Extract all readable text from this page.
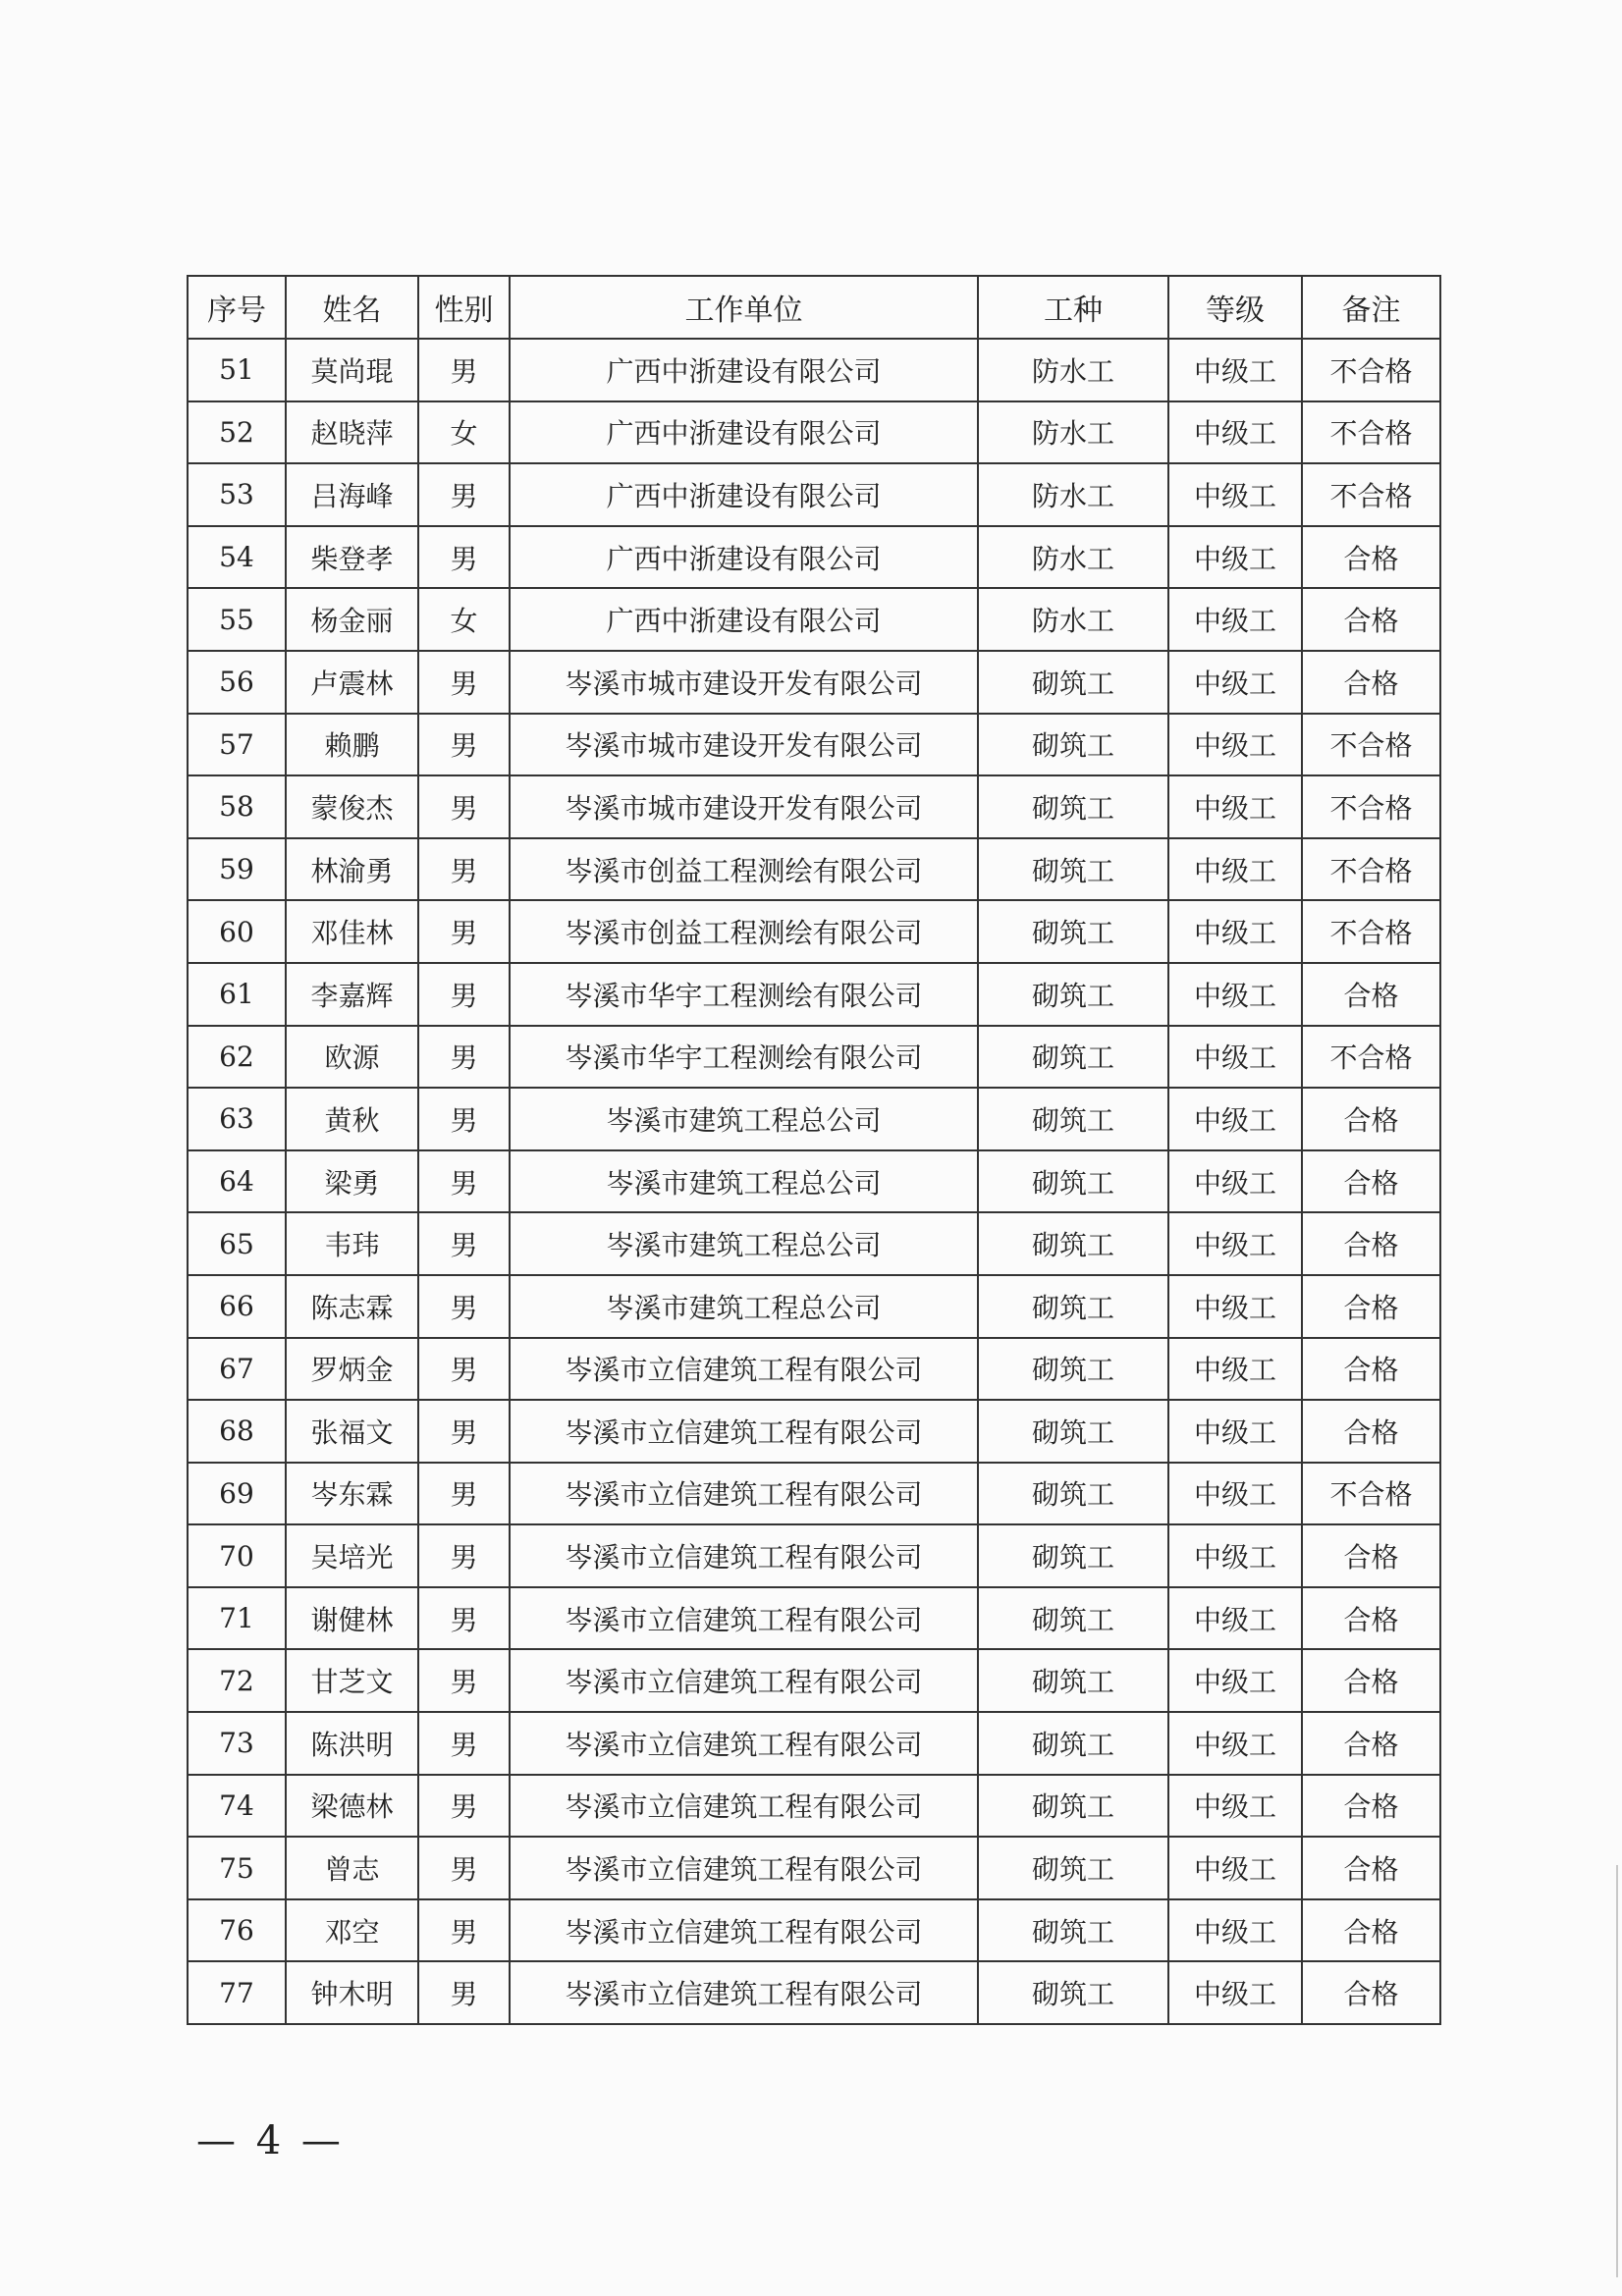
序号	姓名	性别	工作单位	工种	等级	备注
51	莫尚琨	男	广西中浙建设有限公司	防水工	中级工	不合格
52	赵晓萍	女	广西中浙建设有限公司	防水工	中级工	不合格
53	吕海峰	男	广西中浙建设有限公司	防水工	中级工	不合格
54	柴登孝	男	广西中浙建设有限公司	防水工	中级工	合格
55	杨金丽	女	广西中浙建设有限公司	防水工	中级工	合格
56	卢震林	男	岑溪市城市建设开发有限公司	砌筑工	中级工	合格
57	赖鹏	男	岑溪市城市建设开发有限公司	砌筑工	中级工	不合格
58	蒙俊杰	男	岑溪市城市建设开发有限公司	砌筑工	中级工	不合格
59	林渝勇	男	岑溪市创益工程测绘有限公司	砌筑工	中级工	不合格
60	邓佳林	男	岑溪市创益工程测绘有限公司	砌筑工	中级工	不合格
61	李嘉辉	男	岑溪市华宇工程测绘有限公司	砌筑工	中级工	合格
62	欧源	男	岑溪市华宇工程测绘有限公司	砌筑工	中级工	不合格
63	黄秋	男	岑溪市建筑工程总公司	砌筑工	中级工	合格
64	梁勇	男	岑溪市建筑工程总公司	砌筑工	中级工	合格
65	韦玮	男	岑溪市建筑工程总公司	砌筑工	中级工	合格
66	陈志霖	男	岑溪市建筑工程总公司	砌筑工	中级工	合格
67	罗炳金	男	岑溪市立信建筑工程有限公司	砌筑工	中级工	合格
68	张福文	男	岑溪市立信建筑工程有限公司	砌筑工	中级工	合格
69	岑东霖	男	岑溪市立信建筑工程有限公司	砌筑工	中级工	不合格
70	吴培光	男	岑溪市立信建筑工程有限公司	砌筑工	中级工	合格
71	谢健林	男	岑溪市立信建筑工程有限公司	砌筑工	中级工	合格
72	甘芝文	男	岑溪市立信建筑工程有限公司	砌筑工	中级工	合格
73	陈洪明	男	岑溪市立信建筑工程有限公司	砌筑工	中级工	合格
74	梁德林	男	岑溪市立信建筑工程有限公司	砌筑工	中级工	合格
75	曾志	男	岑溪市立信建筑工程有限公司	砌筑工	中级工	合格
76	邓空	男	岑溪市立信建筑工程有限公司	砌筑工	中级工	合格
77	钟木明	男	岑溪市立信建筑工程有限公司	砌筑工	中级工	合格
— 4 —
